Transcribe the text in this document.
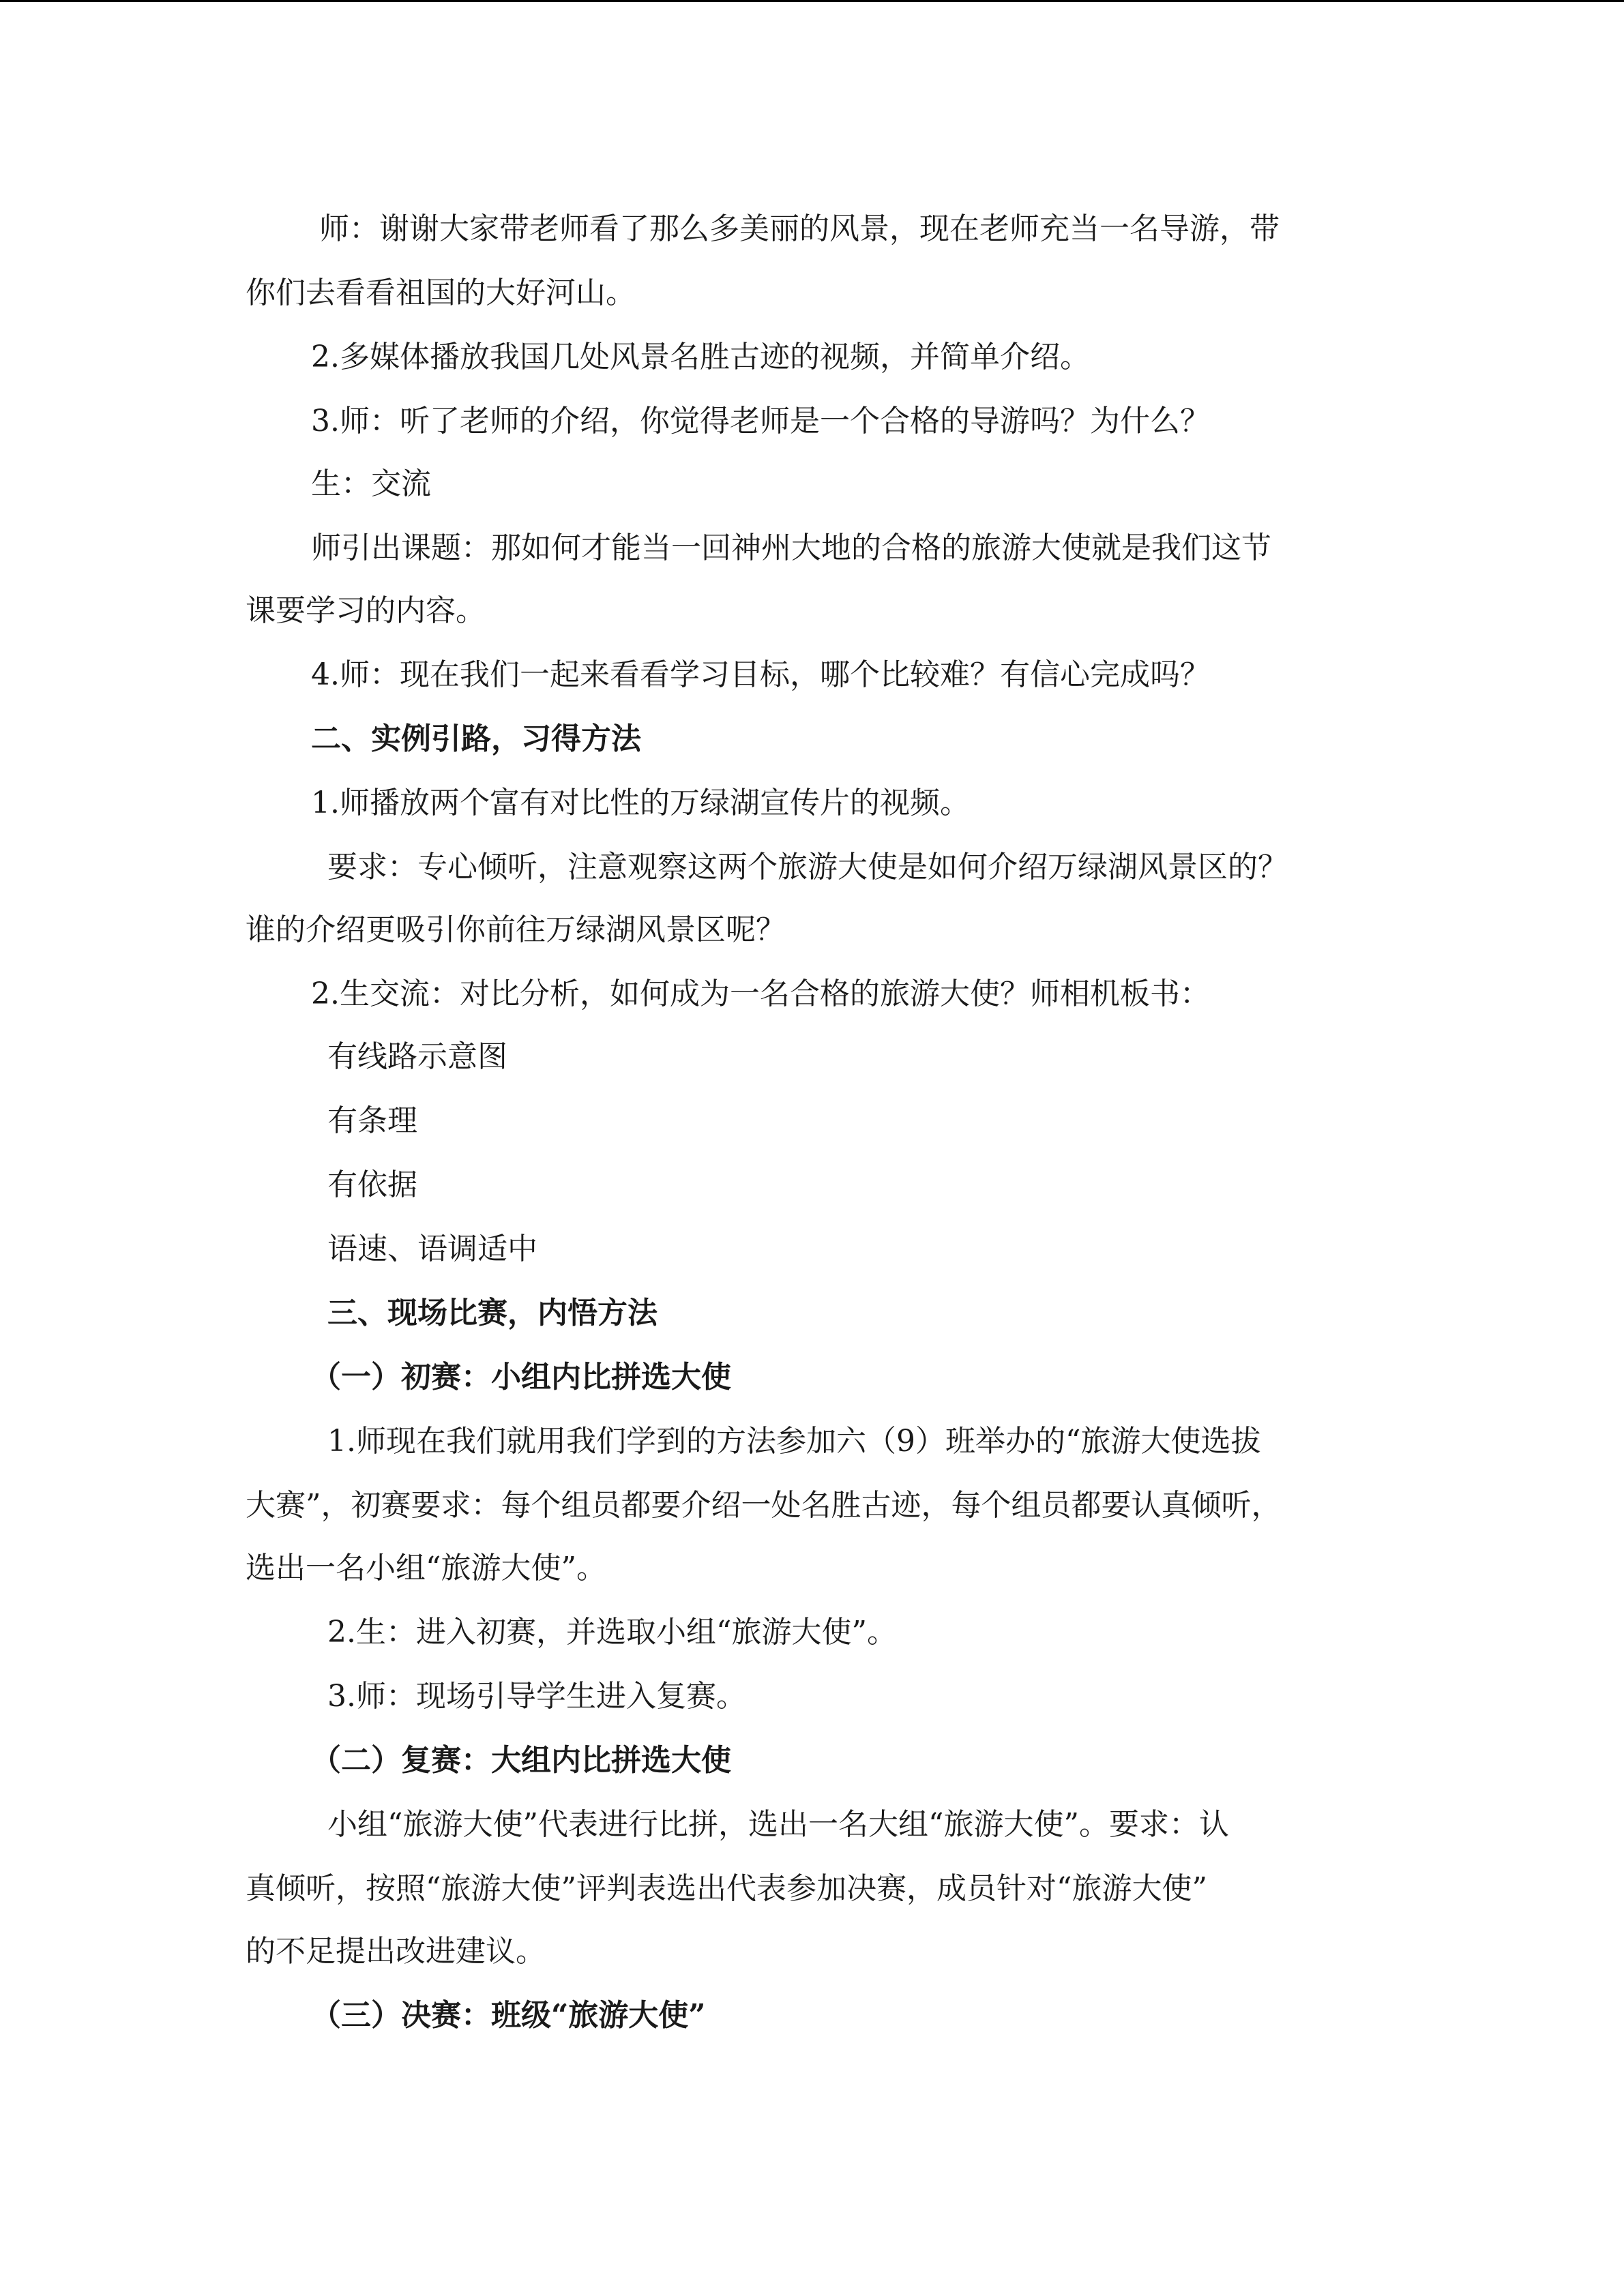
师：谢谢大家带老师看了那么多美丽的风景，现在老师充当一名导游，带
你们去看看祖国的大好河山。
2.多媒体播放我国几处风景名胜古迹的视频，并简单介绍。
3.师：听了老师的介绍，你觉得老师是一个合格的导游吗？为什么？
生：交流
师引出课题：那如何才能当一回神州大地的合格的旅游大使就是我们这节
课要学习的内容。
4.师：现在我们一起来看看学习目标，哪个比较难？有信心完成吗？
二、实例引路，习得方法
1.师播放两个富有对比性的万绿湖宣传片的视频。
要求：专心倾听，注意观察这两个旅游大使是如何介绍万绿湖风景区的？
谁的介绍更吸引你前往万绿湖风景区呢？
2.生交流：对比分析，如何成为一名合格的旅游大使？师相机板书：
有线路示意图
有条理
有依据
语速、语调适中
三、现场比赛，内悟方法
（一）初赛：小组内比拼选大使
1.师现在我们就用我们学到的方法参加六（9）班举办的“旅游大使选拔
大赛”，初赛要求：每个组员都要介绍一处名胜古迹，每个组员都要认真倾听，
选出一名小组“旅游大使”。
2.生：进入初赛，并选取小组“旅游大使”。
3.师：现场引导学生进入复赛。
（二）复赛：大组内比拼选大使
小组“旅游大使”代表进行比拼，选出一名大组“旅游大使”。要求：认
真倾听，按照“旅游大使”评判表选出代表参加决赛，成员针对“旅游大使”
的不足提出改进建议。
（三）决赛：班级“旅游大使”
